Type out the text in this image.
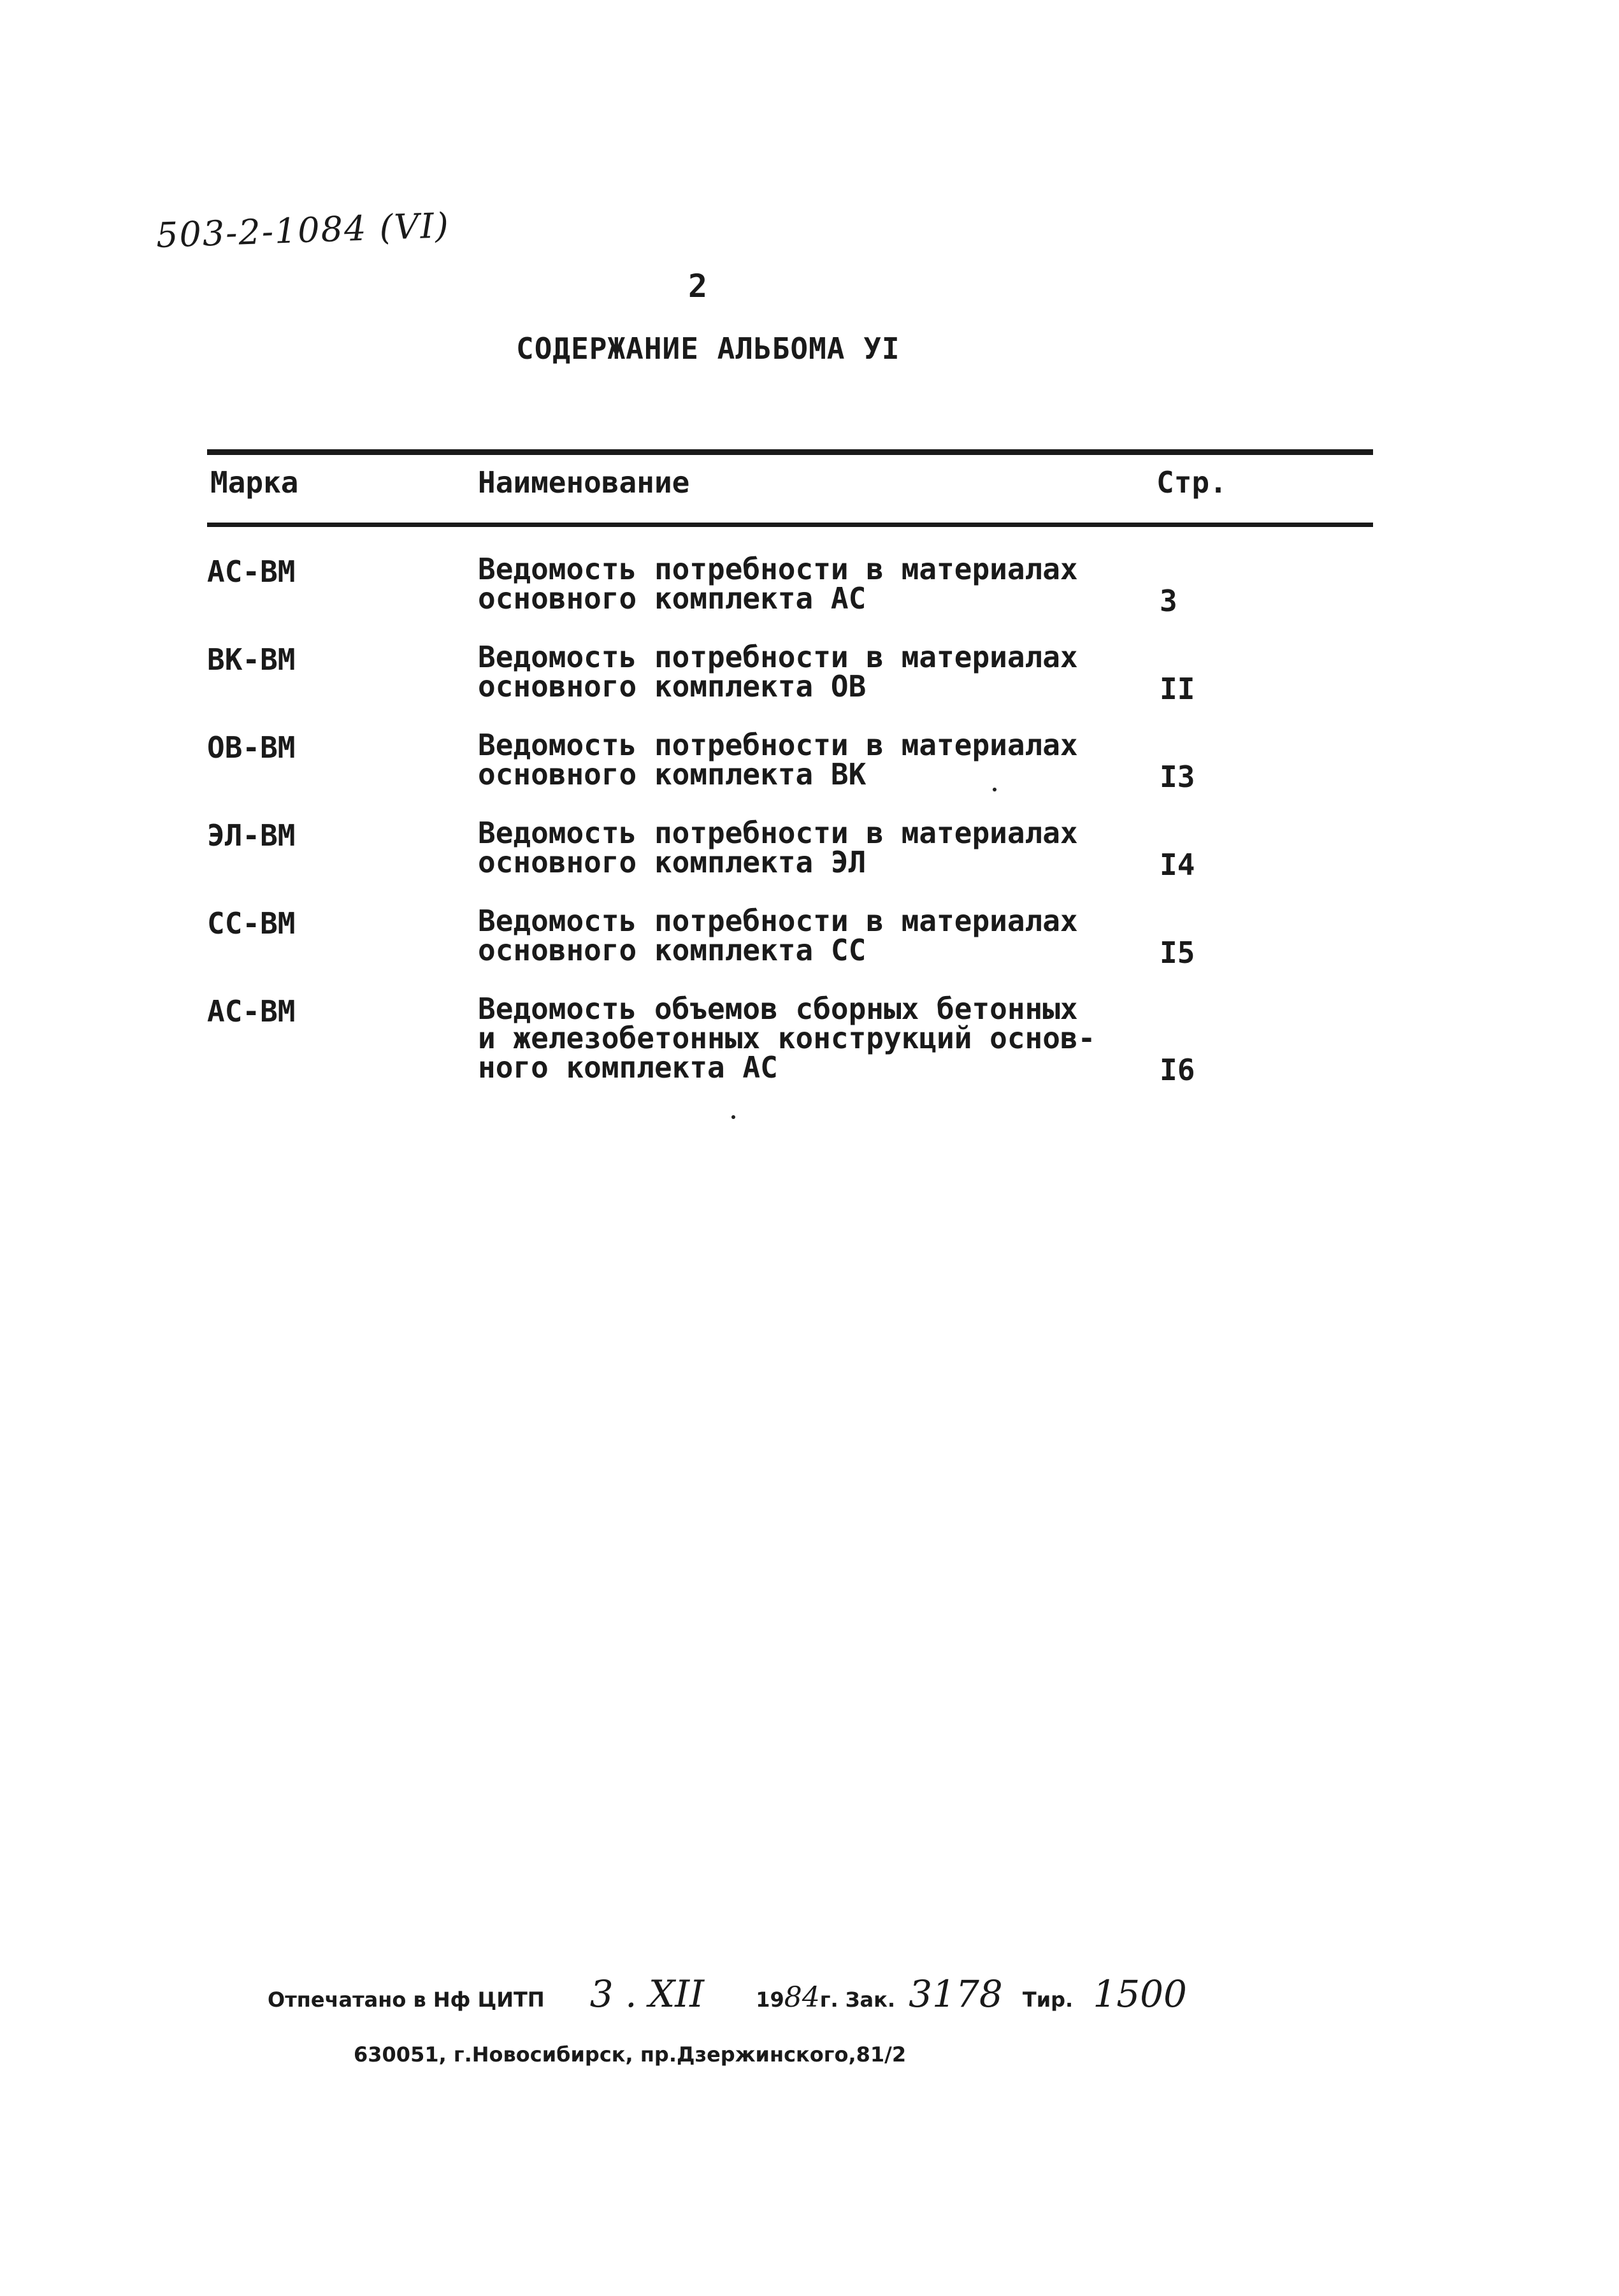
503-2-1084 (VI)
2
СОДЕРЖАНИЕ АЛЬБОМА УI
Марка	Наименование	Стр.
АС-ВМ	Ведомость потребности в материалах
основного комплекта АС	3
ВК-ВМ	Ведомость потребности в материалах
основного комплекта ОВ	II
ОВ-ВМ	Ведомость потребности в материалах
основного комплекта ВК	I3
ЭЛ-ВМ	Ведомость потребности в материалах
основного комплекта ЭЛ	I4
СС-ВМ	Ведомость потребности в материалах
основного комплекта СС	I5
АС-ВМ	Ведомость объемов сборных бетонных
и железобетонных конструкций основ-
ного комплекта АС	I6
Отпечатано в Нф ЦИТП 3 . XII	1984г. Зак. 3178 Тир. 1500
630051, г.Новосибирск, пр.Дзержинского,81/2
